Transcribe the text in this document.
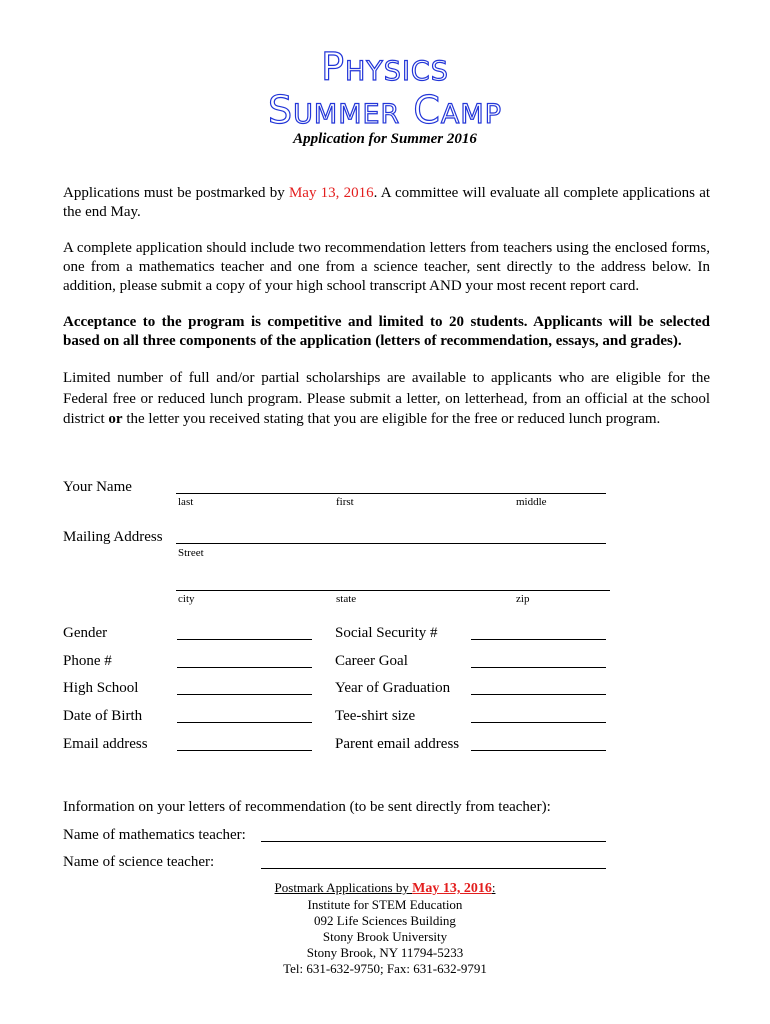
Physics
Summer Camp
Application for Summer 2016

Applications must be postmarked by May 13, 2016. A committee will evaluate all complete applications at the end May.

A complete application should include two recommendation letters from teachers using the enclosed forms, one from a mathematics teacher and one from a science teacher, sent directly to the address below. In addition, please submit a copy of your high school transcript AND your most recent report card.

Acceptance to the program is competitive and limited to 20 students. Applicants will be selected based on all three components of the application (letters of recommendation, essays, and grades).

Limited number of full and/or partial scholarships are available to applicants who are eligible for the Federal free or reduced lunch program. Please submit a letter, on letterhead, from an official at the school district or the letter you received stating that you are eligible for the free or reduced lunch program.

Your Name
last	first	middle
Mailing Address
Street
city	state	zip
Gender	Social Security #
Phone #	Career Goal
High School	Year of Graduation
Date of Birth	Tee-shirt size
Email address	Parent email address
Information on your letters of recommendation (to be sent directly from teacher):
Name of mathematics teacher:
Name of science teacher:
Postmark Applications by May 13, 2016:
Institute for STEM Education
092 Life Sciences Building
Stony Brook University
Stony Brook, NY 11794-5233
Tel: 631-632-9750; Fax: 631-632-9791
